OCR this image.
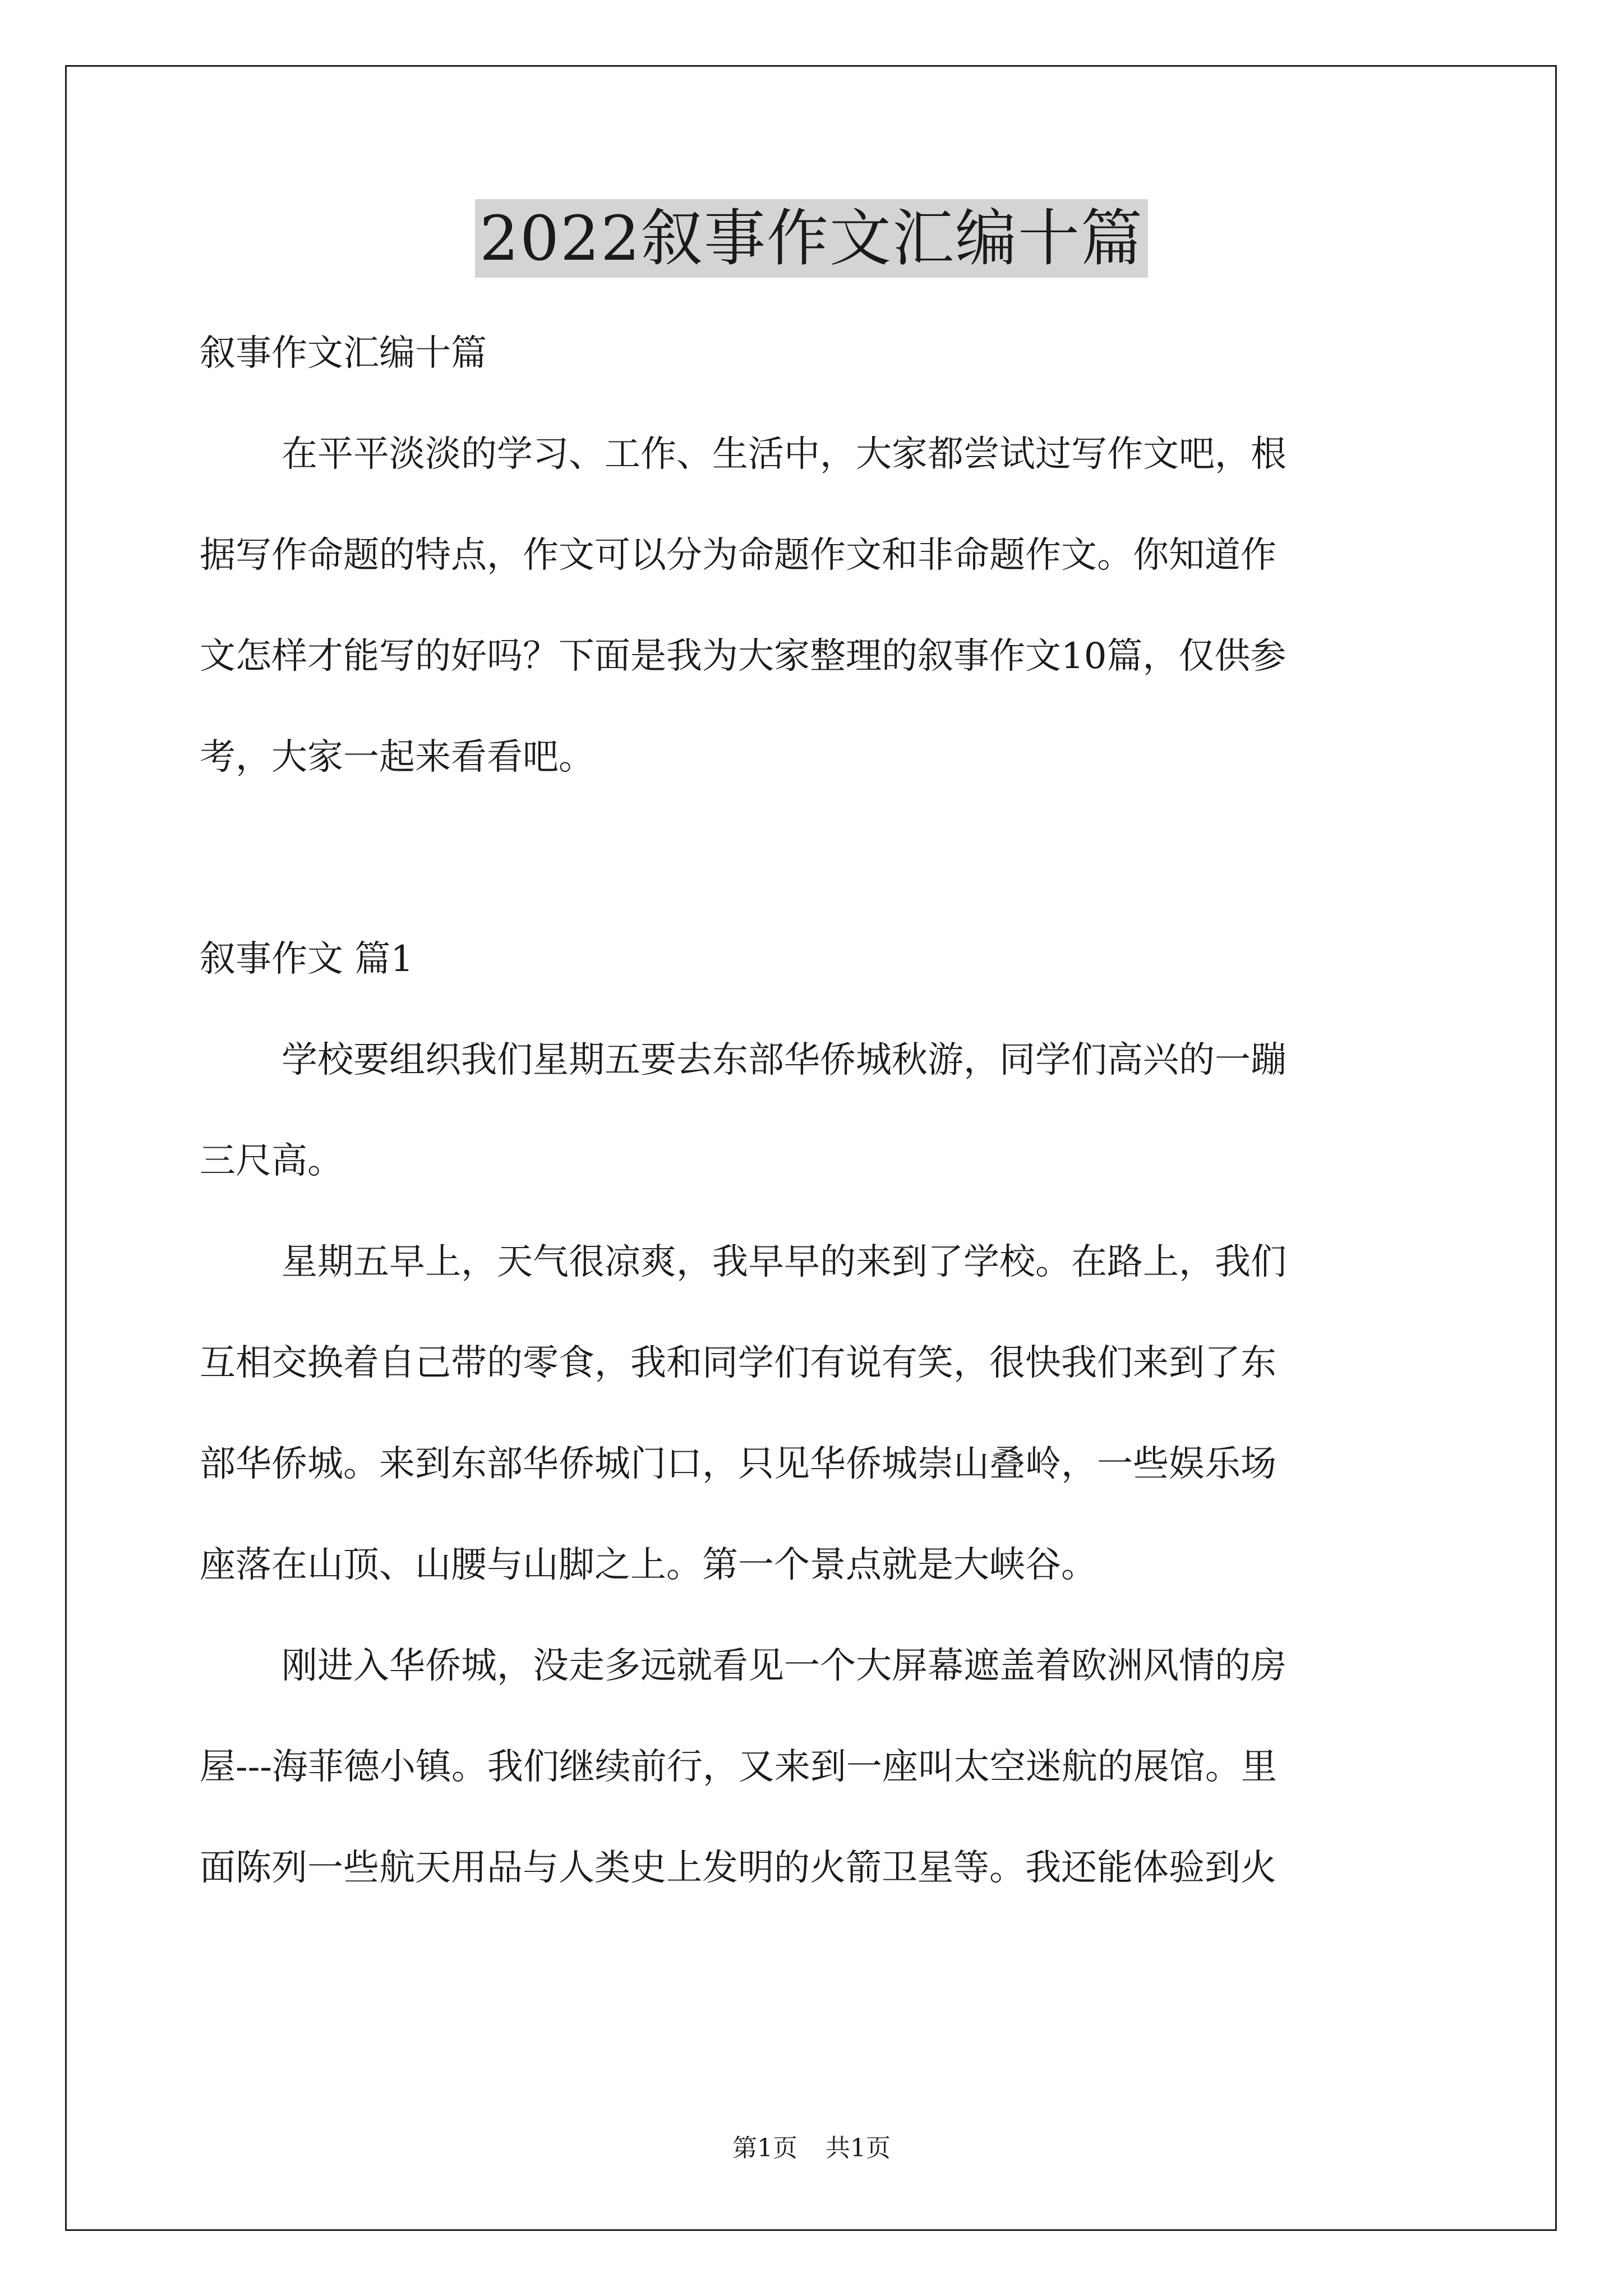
2022叙事作文汇编十篇
叙事作文汇编十篇
在平平淡淡的学习、工作、生活中，大家都尝试过写作文吧，根
据写作命题的特点，作文可以分为命题作文和非命题作文。你知道作
文怎样才能写的好吗？下面是我为大家整理的叙事作文10篇，仅供参
考，大家一起来看看吧。
叙事作文 篇1
学校要组织我们星期五要去东部华侨城秋游，同学们高兴的一蹦
三尺高。
星期五早上，天气很凉爽，我早早的来到了学校。在路上，我们
互相交换着自己带的零食，我和同学们有说有笑，很快我们来到了东
部华侨城。来到东部华侨城门口，只见华侨城崇山叠岭，一些娱乐场
座落在山顶、山腰与山脚之上。第一个景点就是大峡谷。
刚进入华侨城，没走多远就看见一个大屏幕遮盖着欧洲风情的房
屋---海菲德小镇。我们继续前行，又来到一座叫太空迷航的展馆。里
面陈列一些航天用品与人类史上发明的火箭卫星等。我还能体验到火
第1页 共1页
